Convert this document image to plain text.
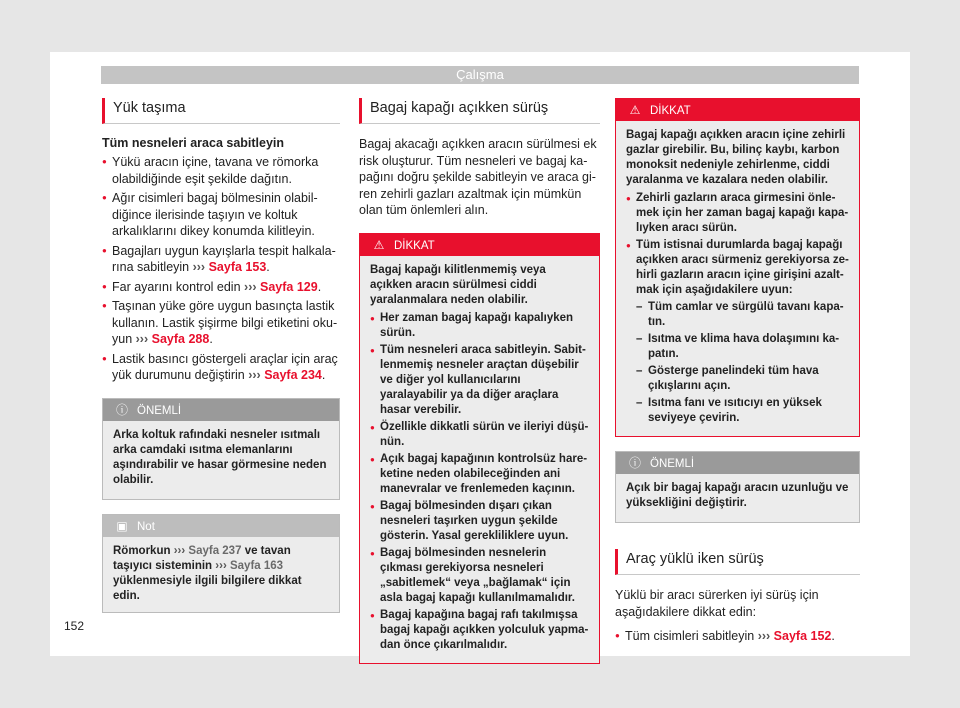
Çalışma
Yük taşıma
Tüm nesneleri araca sabitleyin
● Yükü aracın içine, tavana ve römorka olabildiğinde eşit şekilde dağıtın.
● Ağır cisimleri bagaj bölmesinin olabildiğince ilerisinde taşıyın ve koltuk arkalıklarını dikey konumda kilitleyin.
● Bagajları uygun kayışlarla tespit halkalarına sabitleyin ››› Sayfa 153.
● Far ayarını kontrol edin ››› Sayfa 129.
● Taşınan yüke göre uygun basınçta lastik kullanın. Lastik şişirme bilgi etiketini okuyun ››› Sayfa 288.
● Lastik basıncı göstergeli araçlar için araç yük durumunu değiştirin ››› Sayfa 234.
ⓘ ÖNEMLİ

Arka koltuk rafındaki nesneler ısıtmalı arka camdaki ısıtma elemanlarını aşındırabilir ve hasar görmesine neden olabilir.

▣ Not
Römorkun ››› Sayfa 237 ve tavan taşıyıcı sisteminin ››› Sayfa 163 yüklenmesiyle ilgili bilgilere dikkat edin.
Bagaj kapağı açıkken sürüş

Bagaj akacağı açıkken aracın sürülmesi ek risk oluşturur. Tüm nesneleri ve bagaj kapağını doğru şekilde sabitleyin ve araca giren zehirli gazları azaltmak için mümkün olan tüm önlemleri alın.

⚠ DİKKAT

Bagaj kapağı kilitlenmemiş veya açıkken aracın sürülmesi ciddi yaralanmalara neden olabilir.

● Her zaman bagaj kapağı kapalıyken sürün.
● Tüm nesneleri araca sabitleyin. Sabitlenmemiş nesneler araçtan düşebilir ve diğer yol kullanıcılarını yaralayabilir ya da diğer araçlara hasar verebilir.
● Özellikle dikkatli sürün ve ileriyi düşünün.
● Açık bagaj kapağının kontrolsüz hareketine neden olabileceğinden ani manevralar ve frenlemeden kaçının.
● Bagaj bölmesinden dışarı çıkan nesneleri taşırken uygun şekilde gösterin. Yasal gerekliliklere uyun.
● Bagaj bölmesinden nesnelerin çıkması gerekiyorsa nesneleri „sabitlemek“ veya „bağlamak“ için asla bagaj kapağı kullanılmamalıdır.
● Bagaj kapağına bagaj rafı takılmışsa bagaj kapağı açıkken yolculuk yapmadan önce çıkarılmalıdır.
⚠ DİKKAT

Bagaj kapağı açıkken aracın içine zehirli gazlar girebilir. Bu, bilinç kaybı, karbon monoksit nedeniyle zehirlenme, ciddi yaralanma ve kazalara neden olabilir.

● Zehirli gazların araca girmesini önlemek için her zaman bagaj kapağı kapalıyken aracı sürün.
● Tüm istisnai durumlarda bagaj kapağı açıkken aracı sürmeniz gerekiyorsa zehirli gazların aracın içine girişini azaltmak için aşağıdakilere uyun:
– Tüm camlar ve sürgülü tavanı kapatın.
– Isıtma ve klima hava dolaşımını kapatın.
– Gösterge panelindeki tüm hava çıkışlarını açın.
– Isıtma fanı ve ısıtıcıyı en yüksek seviyeye çevirin.
ⓘ ÖNEMLİ

Açık bir bagaj kapağı aracın uzunluğu ve yüksekliğini değiştirir.

Araç yüklü iken sürüş

Yüklü bir aracı sürerken iyi sürüş için aşağıdakilere dikkat edin:

● Tüm cisimleri sabitleyin ››› Sayfa 152.
152
